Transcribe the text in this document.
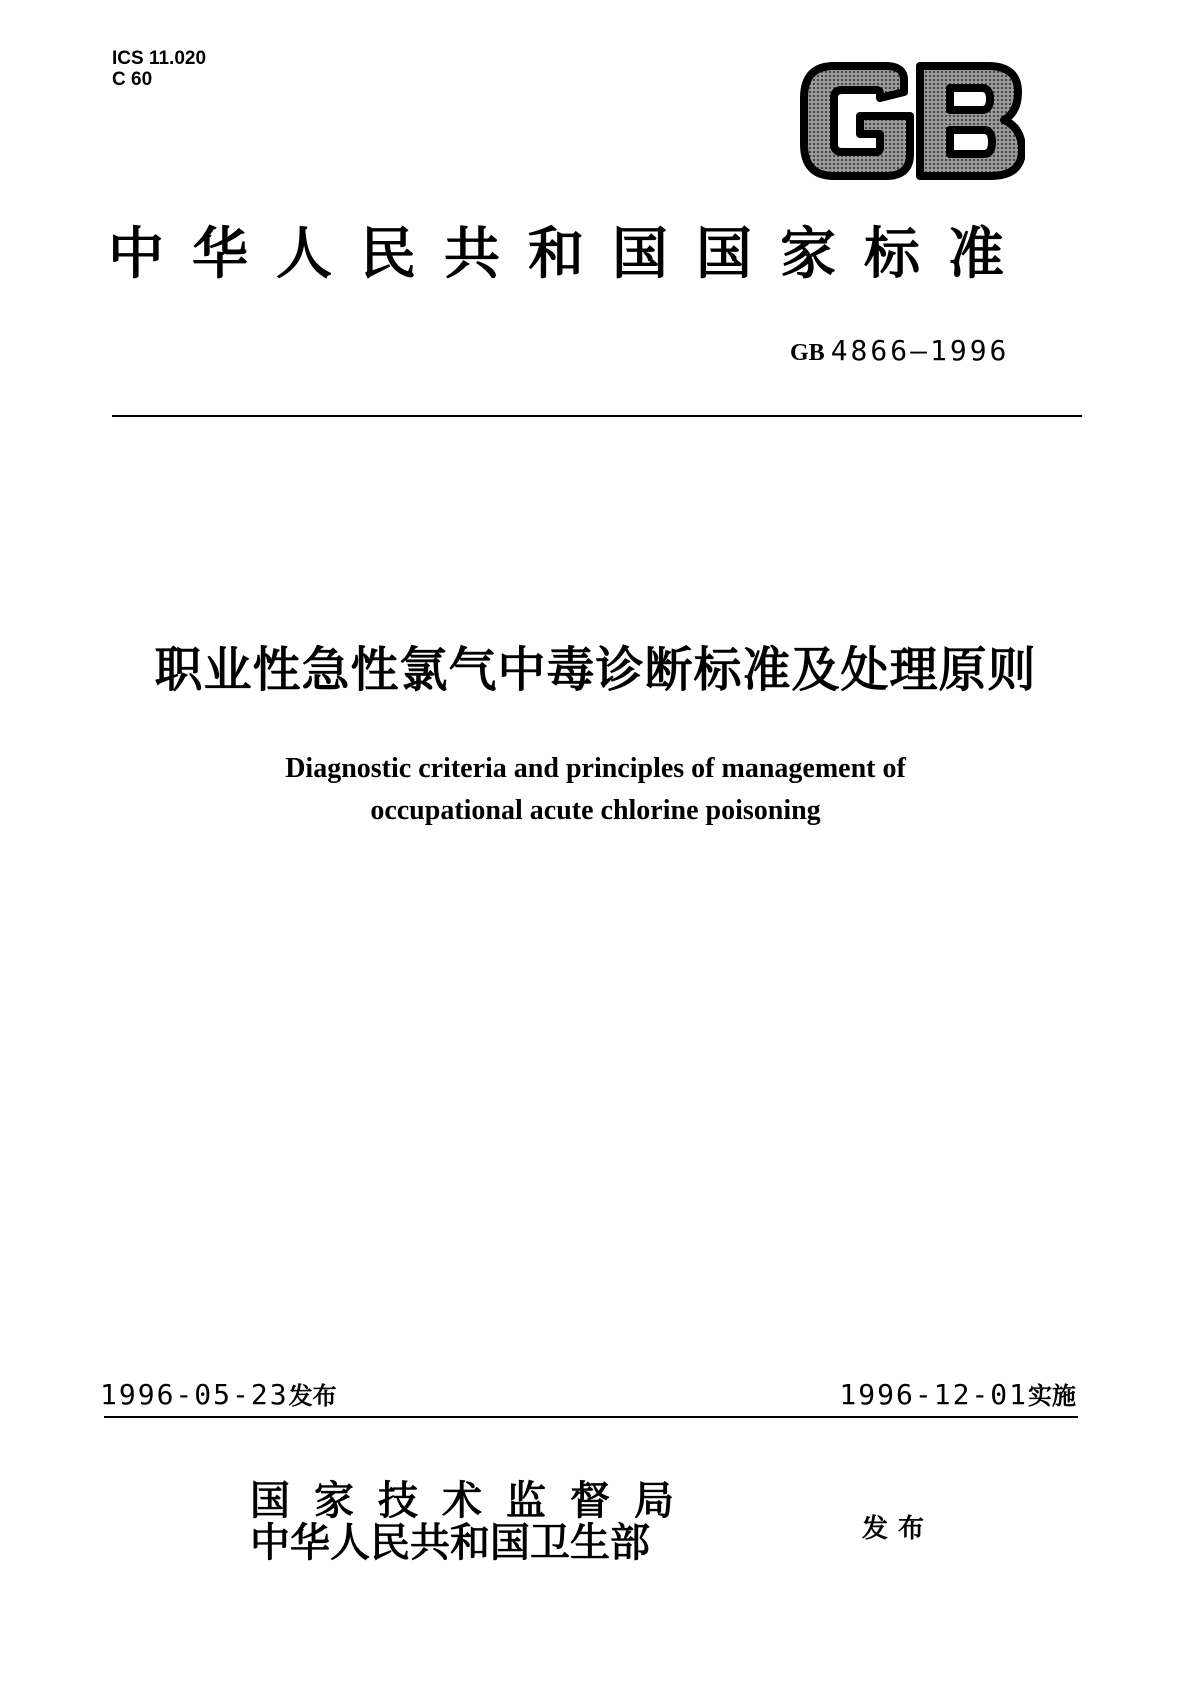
ICS 11.020
C 60
GB
中华人民共和国国家标准
GB 4866—1996
职业性急性氯气中毒诊断标准及处理原则
Diagnostic criteria and principles of management of
occupational acute chlorine poisoning
1996-05-23发布	1996-12-01实施
国家技术监督局
中华人民共和国卫生部	发布
